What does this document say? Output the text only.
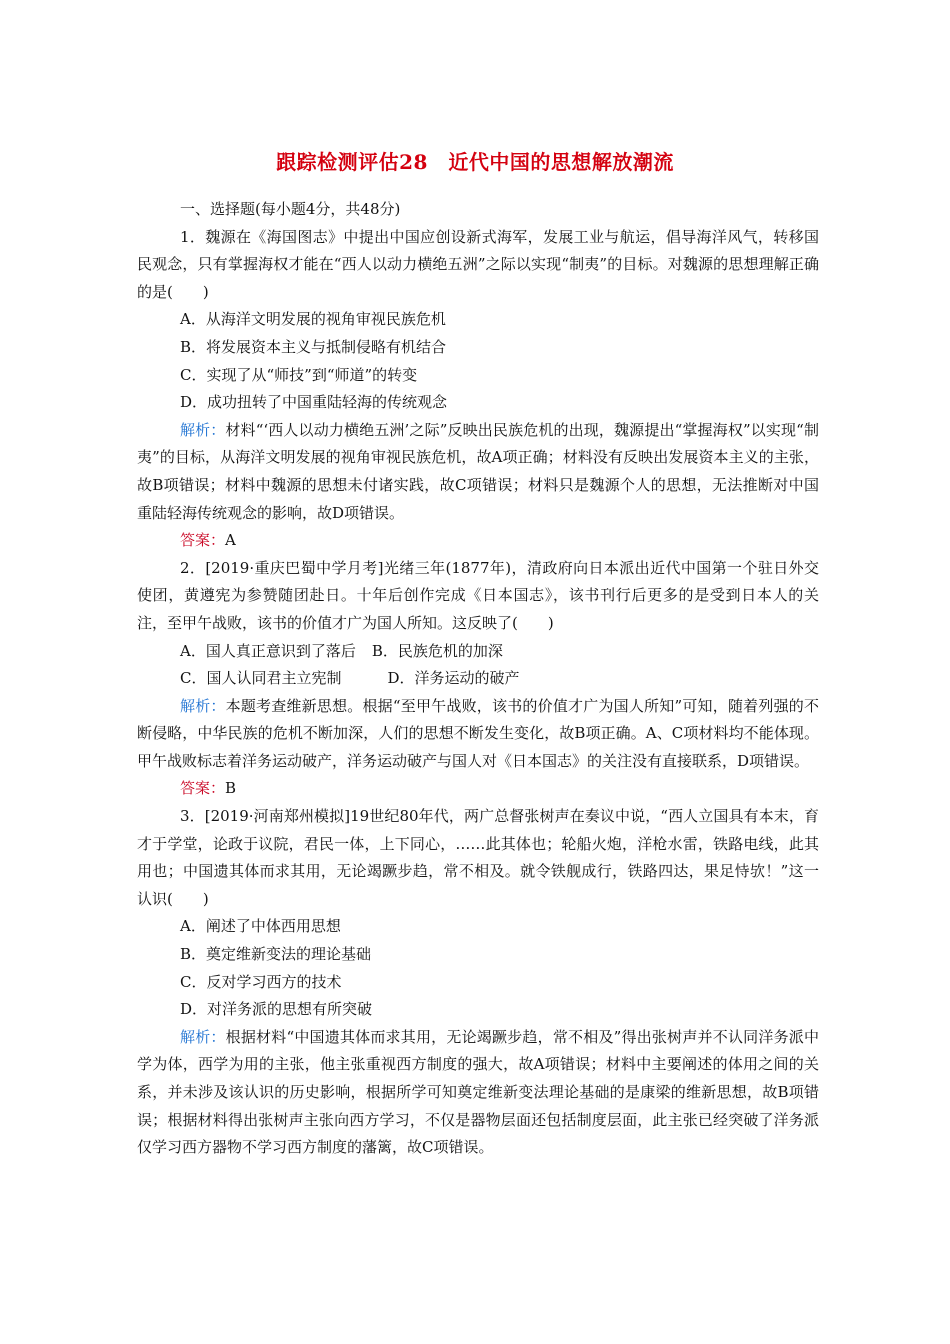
跟踪检测评估28　近代中国的思想解放潮流

一、选择题(每小题4分，共48分)

1．魏源在《海国图志》中提出中国应创设新式海军，发展工业与航运，倡导海洋风气，转移国民观念，只有掌握海权才能在“西人以动力横绝五洲”之际以实现“制夷”的目标。对魏源的思想理解正确的是(　　)

A．从海洋文明发展的视角审视民族危机

B．将发展资本主义与抵制侵略有机结合

C．实现了从“师技”到“师道”的转变

D．成功扭转了中国重陆轻海的传统观念

解析：材料“‘西人以动力横绝五洲’之际”反映出民族危机的出现，魏源提出“掌握海权”以实现“制夷”的目标，从海洋文明发展的视角审视民族危机，故A项正确；材料没有反映出发展资本主义的主张，故B项错误；材料中魏源的思想未付诸实践，故C项错误；材料只是魏源个人的思想，无法推断对中国重陆轻海传统观念的影响，故D项错误。

答案：A

2．[2019·重庆巴蜀中学月考]光绪三年(1877年)，清政府向日本派出近代中国第一个驻日外交使团，黄遵宪为参赞随团赴日。十年后创作完成《日本国志》，该书刊行后更多的是受到日本人的关注，至甲午战败，该书的价值才广为国人所知。这反映了(　　)

A．国人真正意识到了落后 B．民族危机的加深

C．国人认同君主立宪制	D．洋务运动的破产

解析：本题考查维新思想。根据“至甲午战败，该书的价值才广为国人所知”可知，随着列强的不断侵略，中华民族的危机不断加深，人们的思想不断发生变化，故B项正确。A、C项材料均不能体现。甲午战败标志着洋务运动破产，洋务运动破产与国人对《日本国志》的关注没有直接联系，D项错误。

答案：B

3．[2019·河南郑州模拟]19世纪80年代，两广总督张树声在奏议中说，“西人立国具有本末，育才于学堂，论政于议院，君民一体，上下同心，……此其体也；轮船火炮，洋枪水雷，铁路电线，此其用也；中国遗其体而求其用，无论竭蹶步趋，常不相及。就令铁舰成行，铁路四达，果足恃欤！”这一认识(　　)

A．阐述了中体西用思想

B．奠定维新变法的理论基础

C．反对学习西方的技术

D．对洋务派的思想有所突破

解析：根据材料“中国遗其体而求其用，无论竭蹶步趋，常不相及”得出张树声并不认同洋务派中学为体，西学为用的主张，他主张重视西方制度的强大，故A项错误；材料中主要阐述的体用之间的关系，并未涉及该认识的历史影响，根据所学可知奠定维新变法理论基础的是康梁的维新思想，故B项错误；根据材料得出张树声主张向西方学习，不仅是器物层面还包括制度层面，此主张已经突破了洋务派仅学习西方器物不学习西方制度的藩篱，故C项错误。
